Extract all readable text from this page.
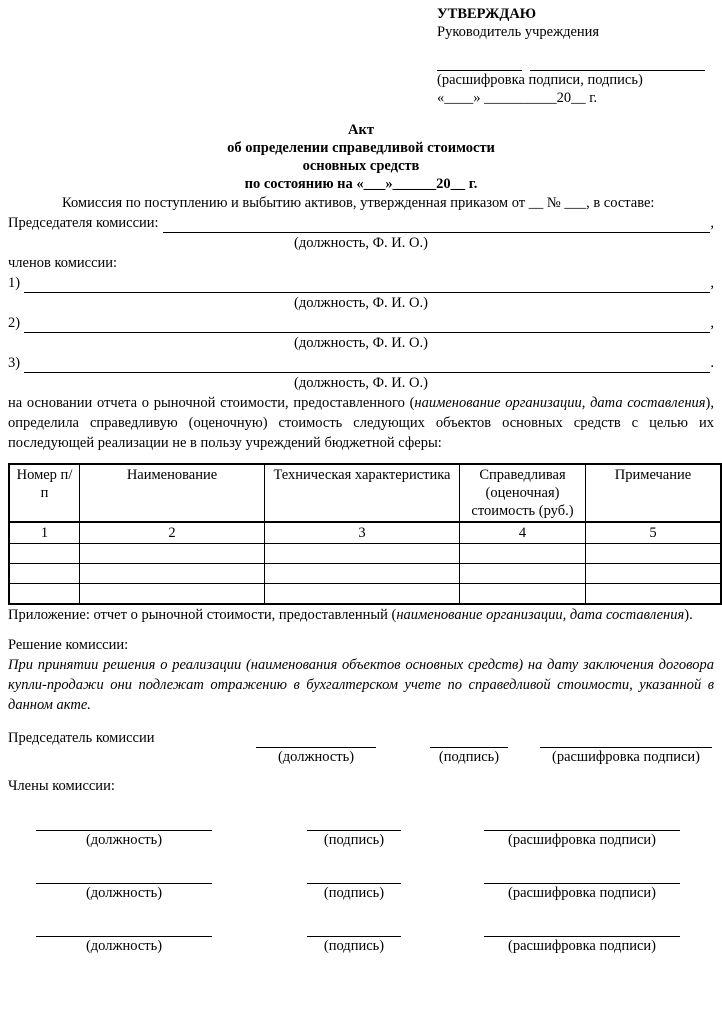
УТВЕРЖДАЮ
Руководитель учреждения
(расшифровка подписи, подпись)
«____» __________20__ г.
Акт
об определении справедливой стоимости
основных средств
по состоянию на «___»______20__ г.

Комиссия по поступлению и выбытию активов, утвержденная приказом от __ № ___, в составе:

Председателя комиссии:	,
(должность, Ф. И. О.)
членов комиссии:
1)	,
(должность, Ф. И. О.)
2)	,
(должность, Ф. И. О.)
3)	.
(должность, Ф. И. О.)

на основании отчета о рыночной стоимости, предоставленного (наименование организации, дата составления), определила справедливую (оценочную) стоимость следующих объектов основных средств с целью их последующей реализации не в пользу учреждений бюджетной сферы:

Номер п/п	Наименование	Техническая характеристика	Справедливая (оценочная) стоимость (руб.)	Примечание
1	2	3	4	5

Приложение: отчет о рыночной стоимости, предоставленный (наименование организации, дата составления).

Решение комиссии:

При принятии решения о реализации (наименования объектов основных средств) на дату заключения договора купли-продажи они подлежат отражению в бухгалтерском учете по справедливой стоимости, указанной в данном акте.

Председатель комиссии
(должность)	(подпись)	(расшифровка подписи)
Члены комиссии:
(должность)	(подпись)	(расшифровка подписи)
(должность)	(подпись)	(расшифровка подписи)
(должность)	(подпись)	(расшифровка подписи)
